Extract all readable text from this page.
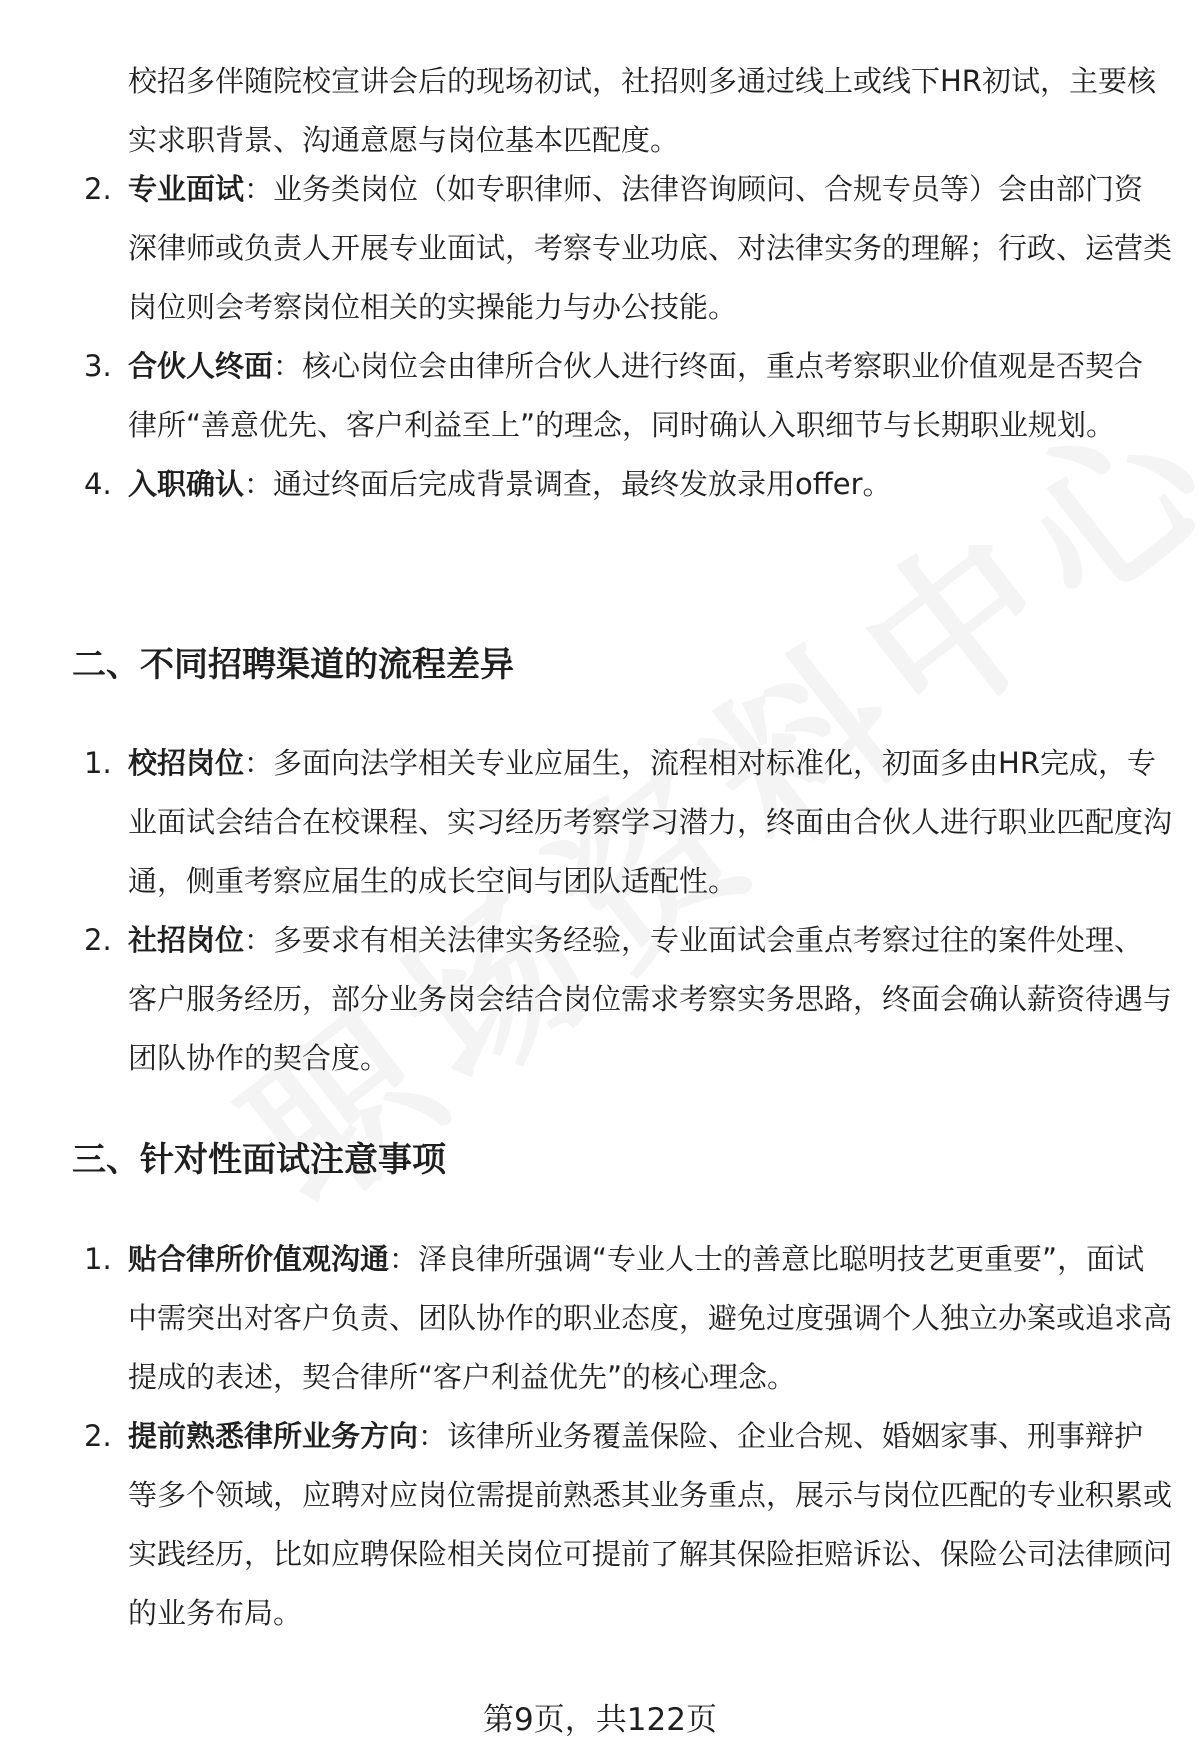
校招多伴随院校宣讲会后的现场初试，社招则多通过线上或线下HR初试，主要核实求职背景、沟通意愿与岗位基本匹配度。
2. 专业面试：业务类岗位（如专职律师、法律咨询顾问、合规专员等）会由部门资深律师或负责人开展专业面试，考察专业功底、对法律实务的理解；行政、运营类岗位则会考察岗位相关的实操能力与办公技能。
3. 合伙人终面：核心岗位会由律所合伙人进行终面，重点考察职业价值观是否契合律所“善意优先、客户利益至上”的理念，同时确认入职细节与长期职业规划。
4. 入职确认：通过终面后完成背景调查，最终发放录用offer。
二、不同招聘渠道的流程差异
1. 校招岗位：多面向法学相关专业应届生，流程相对标准化，初面多由HR完成，专业面试会结合在校课程、实习经历考察学习潜力，终面由合伙人进行职业匹配度沟通，侧重考察应届生的成长空间与团队适配性。
2. 社招岗位：多要求有相关法律实务经验，专业面试会重点考察过往的案件处理、客户服务经历，部分业务岗会结合岗位需求考察实务思路，终面会确认薪资待遇与团队协作的契合度。
三、针对性面试注意事项
1. 贴合律所价值观沟通：泽良律所强调“专业人士的善意比聪明技艺更重要”，面试中需突出对客户负责、团队协作的职业态度，避免过度强调个人独立办案或追求高提成的表述，契合律所“客户利益优先”的核心理念。
2. 提前熟悉律所业务方向：该律所业务覆盖保险、企业合规、婚姻家事、刑事辩护等多个领域，应聘对应岗位需提前熟悉其业务重点，展示与岗位匹配的专业积累或实践经历，比如应聘保险相关岗位可提前了解其保险拒赔诉讼、保险公司法律顾问的业务布局。
第9页，共122页
